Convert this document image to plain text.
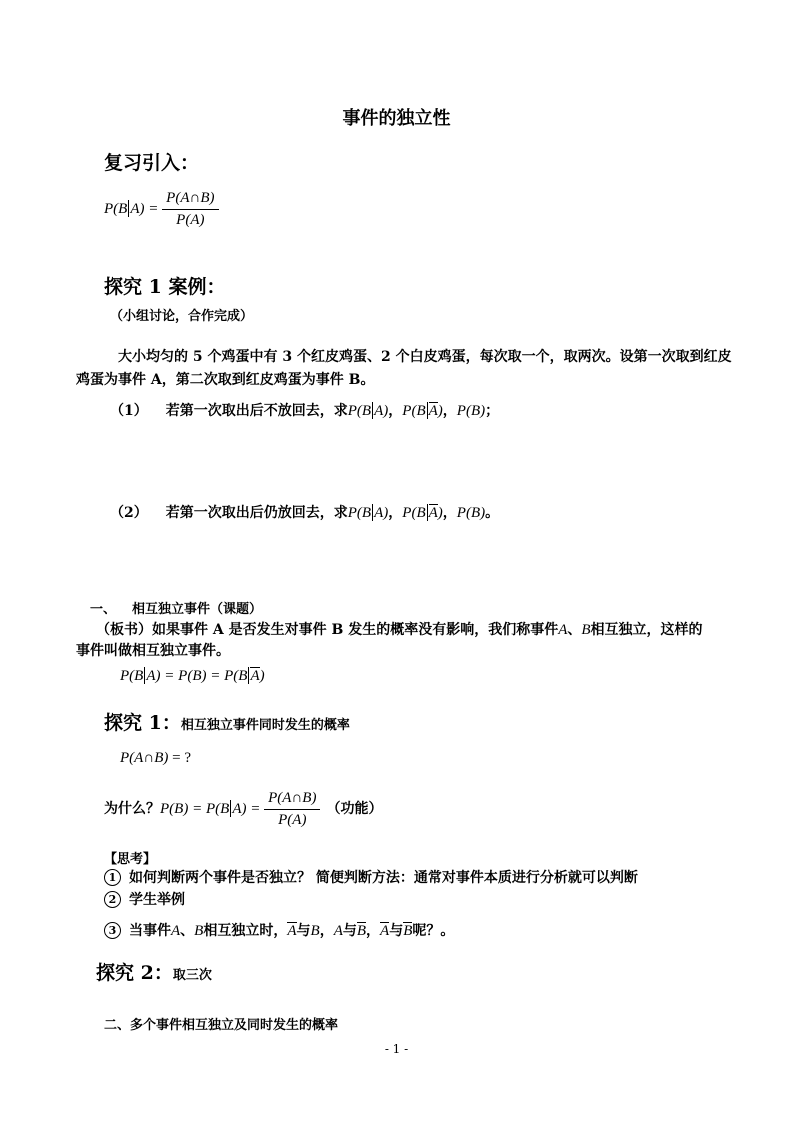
事件的独立性
复习引入：
P(B $A) = \frac{P(A\cap B)}{P(A)}$
探究 1 案例：
（小组讨论，合作完成）
大小均匀的 5 个鸡蛋中有 3 个红皮鸡蛋、2 个白皮鸡蛋，每次取一个，取两次。设第一次取到红皮
鸡蛋为事件 A，第二次取到红皮鸡蛋为事件 B。
（1） 若第一次取出后不放回去，求P(B A)，P(B A)，P(B)；
（2） 若第一次取出后仍放回去，求P(B A)，P(B A)，P(B)。
一、 相互独立事件（课题）
（板书）如果事件 A 是否发生对事件 B 发生的概率没有影响，我们称事件A、B相互独立，这样的
事件叫做相互独立事件。
P(B A) = P(B) = P(B A)
探究 1：相互独立事件同时发生的概率
P(A∩B) = ?
为什么？P(B) = P(B $A) = \frac{P(A\cap B)}{P(A)}$ （功能）
【思考】
1 如何判断两个事件是否独立？ 简便判断方法：通常对事件本质进行分析就可以判断
2 学生举例
3 当事件A、B相互独立时，A与B，A与B，A与B呢？。
探究 2：取三次
二、多个事件相互独立及同时发生的概率
- 1 -
